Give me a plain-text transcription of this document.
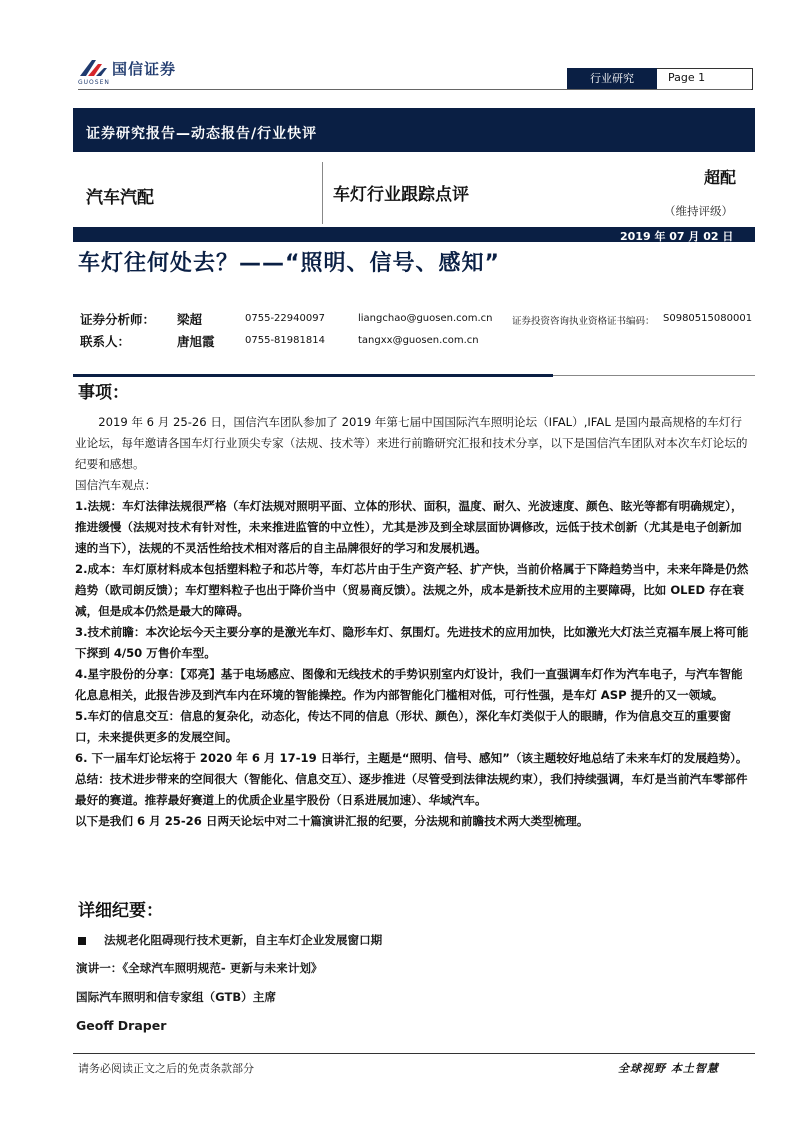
国信证券
GUOSEN	行业研究	Page 1
证券研究报告—动态报告/行业快评
汽车汽配	车灯行业跟踪点评
超配
（维持评级）
2019 年 07 月 02 日
车灯往何处去？——“照明、信号、感知”
证券分析师： 梁超	0755-22940097	liangchao@guosen.com.cn 证券投资咨询执业资格证书编码： S0980515080001
联系人：	唐旭霞	0755-81981814	tangxx@guosen.com.cn
事项：

2019 年 6 月 25-26 日，国信汽车团队参加了 2019 年第七届中国国际汽车照明论坛（IFAL）,IFAL 是国内最高规格的车灯行业论坛，每年邀请各国车灯行业顶尖专家（法规、技术等）来进行前瞻研究汇报和技术分享，以下是国信汽车团队对本次车灯论坛的纪要和感想。

国信汽车观点：

1.法规：车灯法律法规很严格（车灯法规对照明平面、立体的形状、面积，温度、耐久、光波速度、颜色、眩光等都有明确规定），推进缓慢（法规对技术有针对性，未来推进监管的中立性），尤其是涉及到全球层面协调修改，远低于技术创新（尤其是电子创新加速的当下），法规的不灵活性给技术相对落后的自主品牌很好的学习和发展机遇。

2.成本：车灯原材料成本包括塑料粒子和芯片等，车灯芯片由于生产资产轻、扩产快，当前价格属于下降趋势当中，未来年降是仍然趋势（欧司朗反馈）；车灯塑料粒子也出于降价当中（贸易商反馈）。法规之外，成本是新技术应用的主要障碍，比如 OLED 存在衰减，但是成本仍然是最大的障碍。

3.技术前瞻：本次论坛今天主要分享的是激光车灯、隐形车灯、氛围灯。先进技术的应用加快，比如激光大灯法兰克福车展上将可能下探到 4/50 万售价车型。

4.星宇股份的分享：【邓亮】基于电场感应、图像和无线技术的手势识别室内灯设计，我们一直强调车灯作为汽车电子，与汽车智能化息息相关，此报告涉及到汽车内在环境的智能操控。作为内部智能化门槛相对低，可行性强，是车灯 ASP 提升的又一领域。

5.车灯的信息交互：信息的复杂化，动态化，传达不同的信息（形状、颜色），深化车灯类似于人的眼睛，作为信息交互的重要窗口，未来提供更多的发展空间。

6. 下一届车灯论坛将于 2020 年 6 月 17-19 日举行，主题是“照明、信号、感知”（该主题较好地总结了未来车灯的发展趋势）。

总结：技术进步带来的空间很大（智能化、信息交互）、逐步推进（尽管受到法律法规约束），我们持续强调，车灯是当前汽车零部件最好的赛道。推荐最好赛道上的优质企业星宇股份（日系进展加速）、华域汽车。

以下是我们 6 月 25-26 日两天论坛中对二十篇演讲汇报的纪要，分法规和前瞻技术两大类型梳理。

详细纪要：
法规老化阻碍现行技术更新，自主车灯企业发展窗口期
演讲一：《全球汽车照明规范- 更新与未来计划》
国际汽车照明和信专家组（GTB）主席
Geoff Draper
请务必阅读正文之后的免责条款部分	全球视野 本土智慧
